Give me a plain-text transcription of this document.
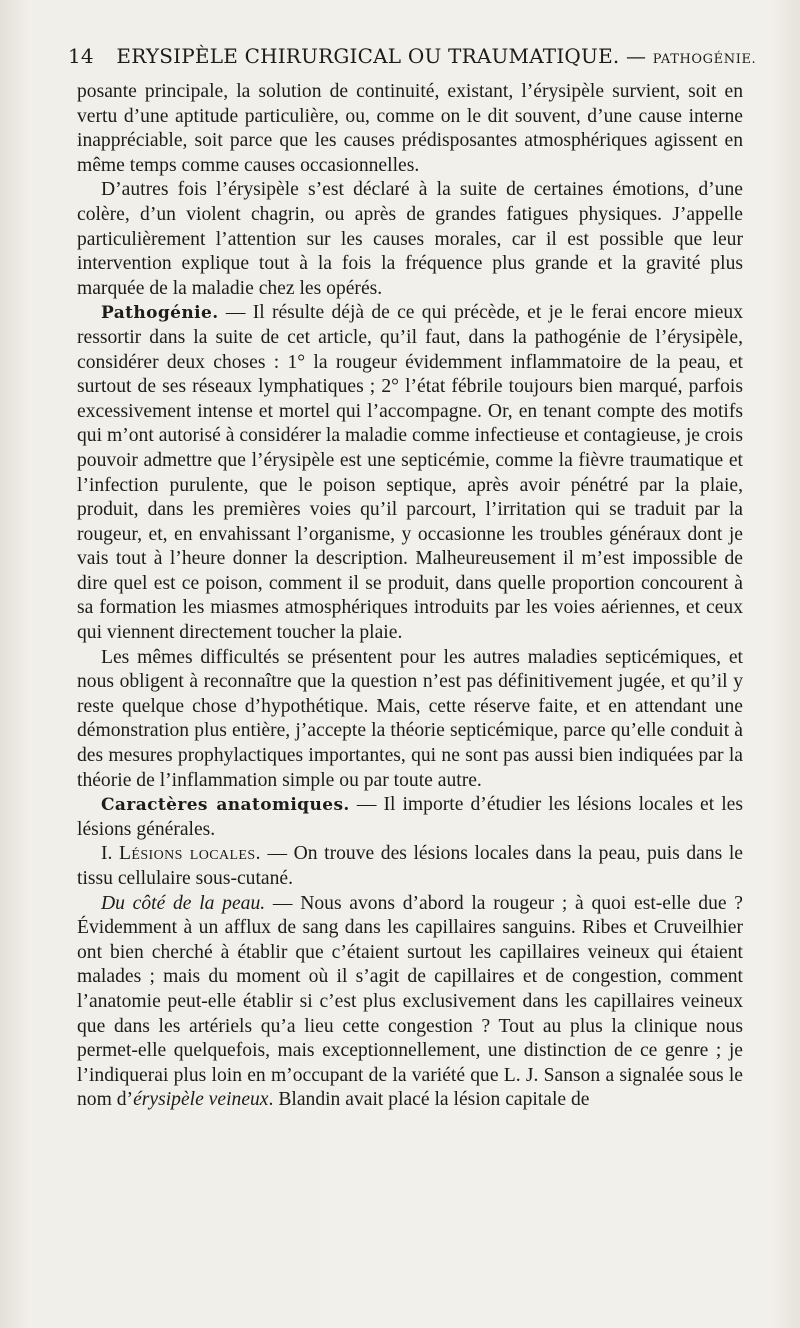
14 ERYSIPÈLE CHIRURGICAL OU TRAUMATIQUE. — PATHOGÉNIE.

posante principale, la solution de continuité, existant, l’érysipèle survient, soit en vertu d’une aptitude particulière, ou, comme on le dit souvent, d’une cause interne inappréciable, soit parce que les causes prédisposantes atmosphériques agissent en même temps comme causes occasionnelles.

D’autres fois l’érysipèle s’est déclaré à la suite de certaines émotions, d’une colère, d’un violent chagrin, ou après de grandes fatigues physiques. J’appelle particulièrement l’attention sur les causes morales, car il est possible que leur intervention explique tout à la fois la fréquence plus grande et la gravité plus marquée de la maladie chez les opérés.

Pathogénie. — Il résulte déjà de ce qui précède, et je le ferai encore mieux ressortir dans la suite de cet article, qu’il faut, dans la pathogénie de l’érysipèle, considérer deux choses : 1° la rougeur évidemment inflammatoire de la peau, et surtout de ses réseaux lymphatiques ; 2° l’état fébrile toujours bien marqué, parfois excessivement intense et mortel qui l’accompagne. Or, en tenant compte des motifs qui m’ont autorisé à considérer la maladie comme infectieuse et contagieuse, je crois pouvoir admettre que l’érysipèle est une septicémie, comme la fièvre traumatique et l’infection purulente, que le poison septique, après avoir pénétré par la plaie, produit, dans les premières voies qu’il parcourt, l’irritation qui se traduit par la rougeur, et, en envahissant l’organisme, y occasionne les troubles généraux dont je vais tout à l’heure donner la description. Malheureusement il m’est impossible de dire quel est ce poison, comment il se produit, dans quelle proportion concourent à sa formation les miasmes atmosphériques introduits par les voies aériennes, et ceux qui viennent directement toucher la plaie.

Les mêmes difficultés se présentent pour les autres maladies septicémiques, et nous obligent à reconnaître que la question n’est pas définitivement jugée, et qu’il y reste quelque chose d’hypothétique. Mais, cette réserve faite, et en attendant une démonstration plus entière, j’accepte la théorie septicémique, parce qu’elle conduit à des mesures prophylactiques importantes, qui ne sont pas aussi bien indiquées par la théorie de l’inflammation simple ou par toute autre.

Caractères anatomiques. — Il importe d’étudier les lésions locales et les lésions générales.

I. Lésions locales. — On trouve des lésions locales dans la peau, puis dans le tissu cellulaire sous-cutané.

Du côté de la peau. — Nous avons d’abord la rougeur ; à quoi est-elle due ? Évidemment à un afflux de sang dans les capillaires sanguins. Ribes et Cruveilhier ont bien cherché à établir que c’étaient surtout les capillaires veineux qui étaient malades ; mais du moment où il s’agit de capillaires et de congestion, comment l’anatomie peut-elle établir si c’est plus exclusivement dans les capillaires veineux que dans les artériels qu’a lieu cette congestion ? Tout au plus la clinique nous permet-elle quelquefois, mais exceptionnellement, une distinction de ce genre ; je l’indiquerai plus loin en m’occupant de la variété que L. J. Sanson a signalée sous le nom d’érysipèle veineux. Blandin avait placé la lésion capitale de
